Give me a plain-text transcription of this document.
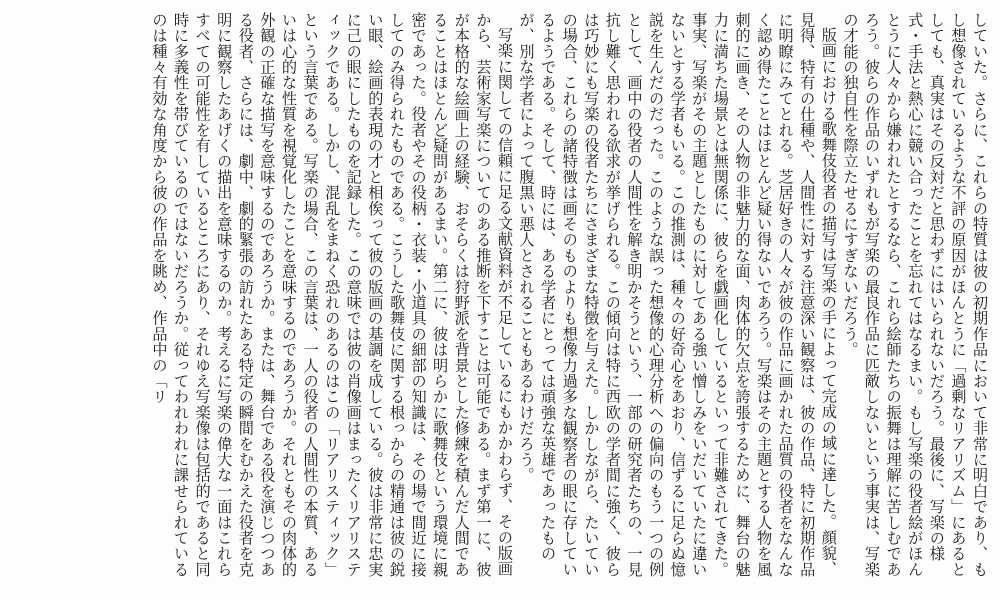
していた。さらに、これらの特質は彼の初期作品において非常に明白であり、もし想像されているような不評の原因がほんとうに「過剰なリアリズム」にあるとしても、真実はその反対だと思わずにはいられないだろう。最後に、写楽の様式・手法と熱心に競い合ったことを忘れてはなるまい。もし写楽の役者絵がほんとうに人々から嫌われたとするなら、これら絵師たちの振舞は理解に苦しむであろう。彼らの作品のいずれもが写楽の最良作品に匹敵しないという事実は、写楽の才能の独自性を際立たせるにすぎないだろう。

版画における歌舞伎役者の描写は写楽の手によって完成の域に達した。顔貌、見得、特有の仕種や、人間性に対する注意深い観察は、彼の作品、特に初期作品に明瞭にみてとれる。芝居好きの人々が彼の作品に画かれた品質の役者をなんなく認め得たことはほとんど疑い得ないであろう。写楽はその主題とする人物を風刺的に画き、その人物の非魅力的な面、肉体的欠点を誇張するために、舞台の魅力に満ちた場景とは無関係に、彼らを戯画化しているといって非難されてきた。事実、写楽がその主題としたものに対してある強い憎しみをいだいていたに違いないとする学者もいる。この推測は、種々の好奇心をあおり、信ずるに足らぬ憶説を生んだのだった。このような誤った想像的心理分析への偏向のもう一つの例として、画中の役者の人間性を解き明かそうという、一部の研究者たちの、一見抗し難く思われる欲求が挙げられる。この傾向は特に西欧の学者間に強く、彼らは巧妙にも写楽の役者たちにさまざまな特徴を与えた。しかしながら、たいていの場合、これらの諸特徴は画そのものよりも想像力過多な観察者の眼に存しているようである。そして、時には、ある学者にとっては頑強な英雄であったものが、別な学者によって腹黒い悪人とされることもあるわけだろう。

写楽に関しての信頼に足る文献資料が不足しているにもかかわらず、その版画から、芸術家写楽についてのある推断を下すことは可能である。まず第一に、彼が本格的な絵画上の経験、おそらくは狩野派を背景とした修練を積んだ人間であることはほとんど疑問があるまい。第二に、彼は明らかに歌舞伎という環境に親密であった。役者やその役柄・衣装・小道具の細部の知識は、その場で間近に接してのみ得られたものである。こうした歌舞伎に関する根っからの精通は彼の鋭い眼、絵画的表現の才と相俟って彼の版画の基調を成している。彼は非常に忠実に己の眼にしたものを記録した。この意味では彼の肖像画はまったくリアリスティックである。しかし、混乱をまねく恐れのあるのはこの「リアリスティック」という言葉である。写楽の場合、この言葉は、一人の役者の人間性の本質、あるいは心的な性質を視覚化したことを意味するのであろうか。それともその肉体的外観の正確な描写を意味するのであろうか。または、舞台である役を演じつつある役者、さらには、劇中、劇的緊張の訪れたある特定の瞬間をむかえた役者を克明に観察したあげくの描出を意味するのか。考えるに写楽の偉大な一面はこれらすべての可能性を有しているところにあり、それゆえ写楽像は包括的であると同時に多義性を帯びているのではないだろうか。従ってわれわれに課せられているのは種々有効な角度から彼の作品を眺め、作品中の「リ
